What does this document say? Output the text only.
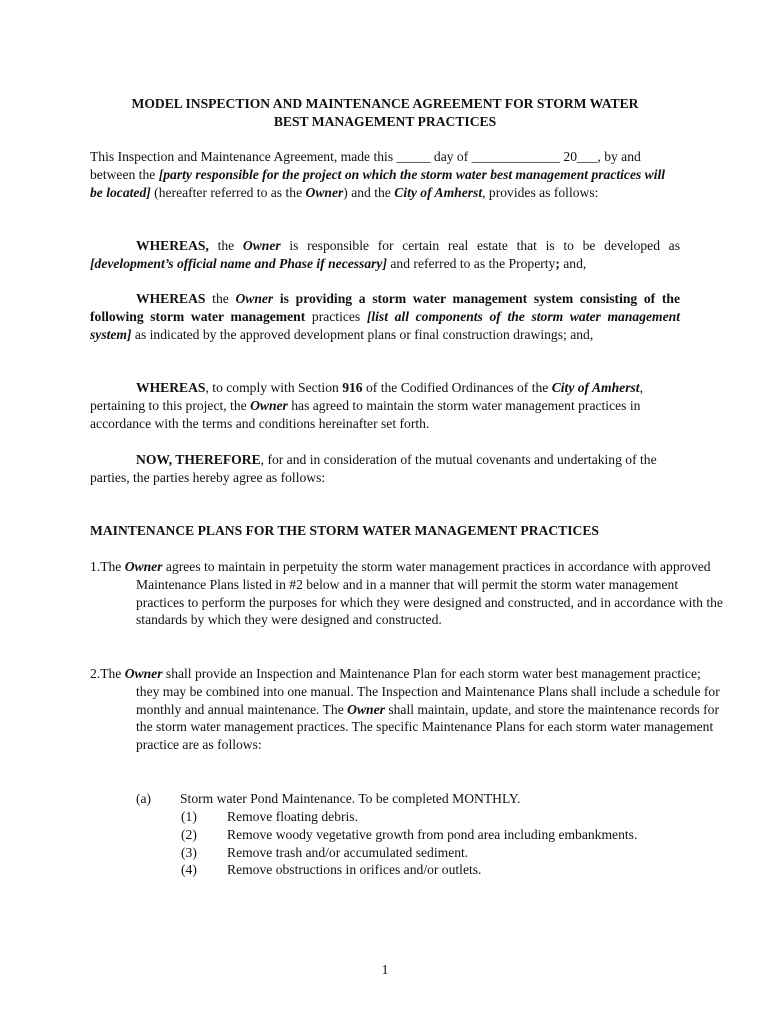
MODEL INSPECTION AND MAINTENANCE AGREEMENT FOR STORM WATER
BEST MANAGEMENT PRACTICES
This Inspection and Maintenance Agreement, made this _____ day of _____________ 20___, by and between the [party responsible for the project on which the storm water best management practices will be located] (hereafter referred to as the Owner) and the City of Amherst, provides as follows:
WHEREAS, the Owner is responsible for certain real estate that is to be developed as [development’s official name and Phase if necessary] and referred to as the Property; and,
WHEREAS the Owner is providing a storm water management system consisting of the following storm water management practices [list all components of the storm water management system] as indicated by the approved development plans or final construction drawings; and,
WHEREAS, to comply with Section 916 of the Codified Ordinances of the City of Amherst, pertaining to this project, the Owner has agreed to maintain the storm water management practices in accordance with the terms and conditions hereinafter set forth.
NOW, THEREFORE, for and in consideration of the mutual covenants and undertaking of the parties, the parties hereby agree as follows:
MAINTENANCE PLANS FOR THE STORM WATER MANAGEMENT PRACTICES
1.The Owner agrees to maintain in perpetuity the storm water management practices in accordance with approved Maintenance Plans listed in #2 below and in a manner that will permit the storm water management practices to perform the purposes for which they were designed and constructed, and in accordance with the standards by which they were designed and constructed.
2.The Owner shall provide an Inspection and Maintenance Plan for each storm water best management practice; they may be combined into one manual. The Inspection and Maintenance Plans shall include a schedule for monthly and annual maintenance. The Owner shall maintain, update, and store the maintenance records for the storm water management practices. The specific Maintenance Plans for each storm water management practice are as follows:
(a) Storm water Pond Maintenance. To be completed MONTHLY.
(1) Remove floating debris.
(2) Remove woody vegetative growth from pond area including embankments.
(3) Remove trash and/or accumulated sediment.
(4) Remove obstructions in orifices and/or outlets.
1
